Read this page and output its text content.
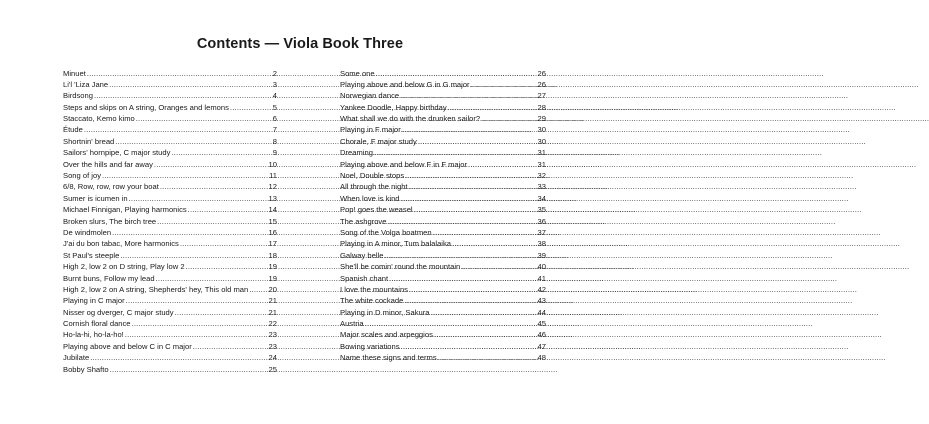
Contents — Viola Book Three
Minuet .....	2
Li'l 'Liza Jane .....	3
Birdsong .....	4
Steps and skips on A string, Oranges and lemons .....	5
Staccato, Kemo kimo .....	6
Étude .....	7
Shortnin' bread .....	8
Sailors' hornpipe, C major study .....	9
Over the hills and far away .....	10
Song of joy .....	11
6/8, Row, row, row your boat .....	12
Sumer is icumen in .....	13
Michael Finnigan, Playing harmonics .....	14
Broken slurs, The birch tree .....	15
De windmolen .....	16
J'ai du bon tabac, More harmonics .....	17
St Paul's steeple .....	18
High 2, low 2 on D string, Play low 2 .....	19
Burnt buns, Follow my lead .....	19
High 2, low 2 on A string, Shepherds' hey, This old man .....	20
Playing in C major .....	21
Nisser og dverger, C major study .....	21
Cornish floral dance .....	22
Ho-la-hi, ho-la-ho! .....	23
Playing above and below C in C major .....	23
Jubilate .....	24
Bobby Shafto .....	25
Some one .....	26
Playing above and below G in G major .....	26
Norwegian dance .....	27
Yankee Doodle, Happy birthday .....	28
What shall we do with the drunken sailor? .....	29
Playing in F major .....	30
Chorale, F major study .....	30
Dreaming .....	31
Playing above and below F in F major .....	31
Noel, Double stops .....	32
All through the night .....	33
When love is kind .....	34
Pop! goes the weasel .....	35
The ashgrove .....	36
Song of the Volga boatmen .....	37
Playing in A minor, Tum balalaika .....	38
Galway belle .....	39
She'll be comin' round the mountain .....	40
Spanish chant .....	41
I love the mountains .....	42
The white cockade .....	43
Playing in D minor, Sakura .....	44
Austria .....	45
Major scales and arpeggios .....	46
Bowing variations .....	47
Name these signs and terms .....	48
